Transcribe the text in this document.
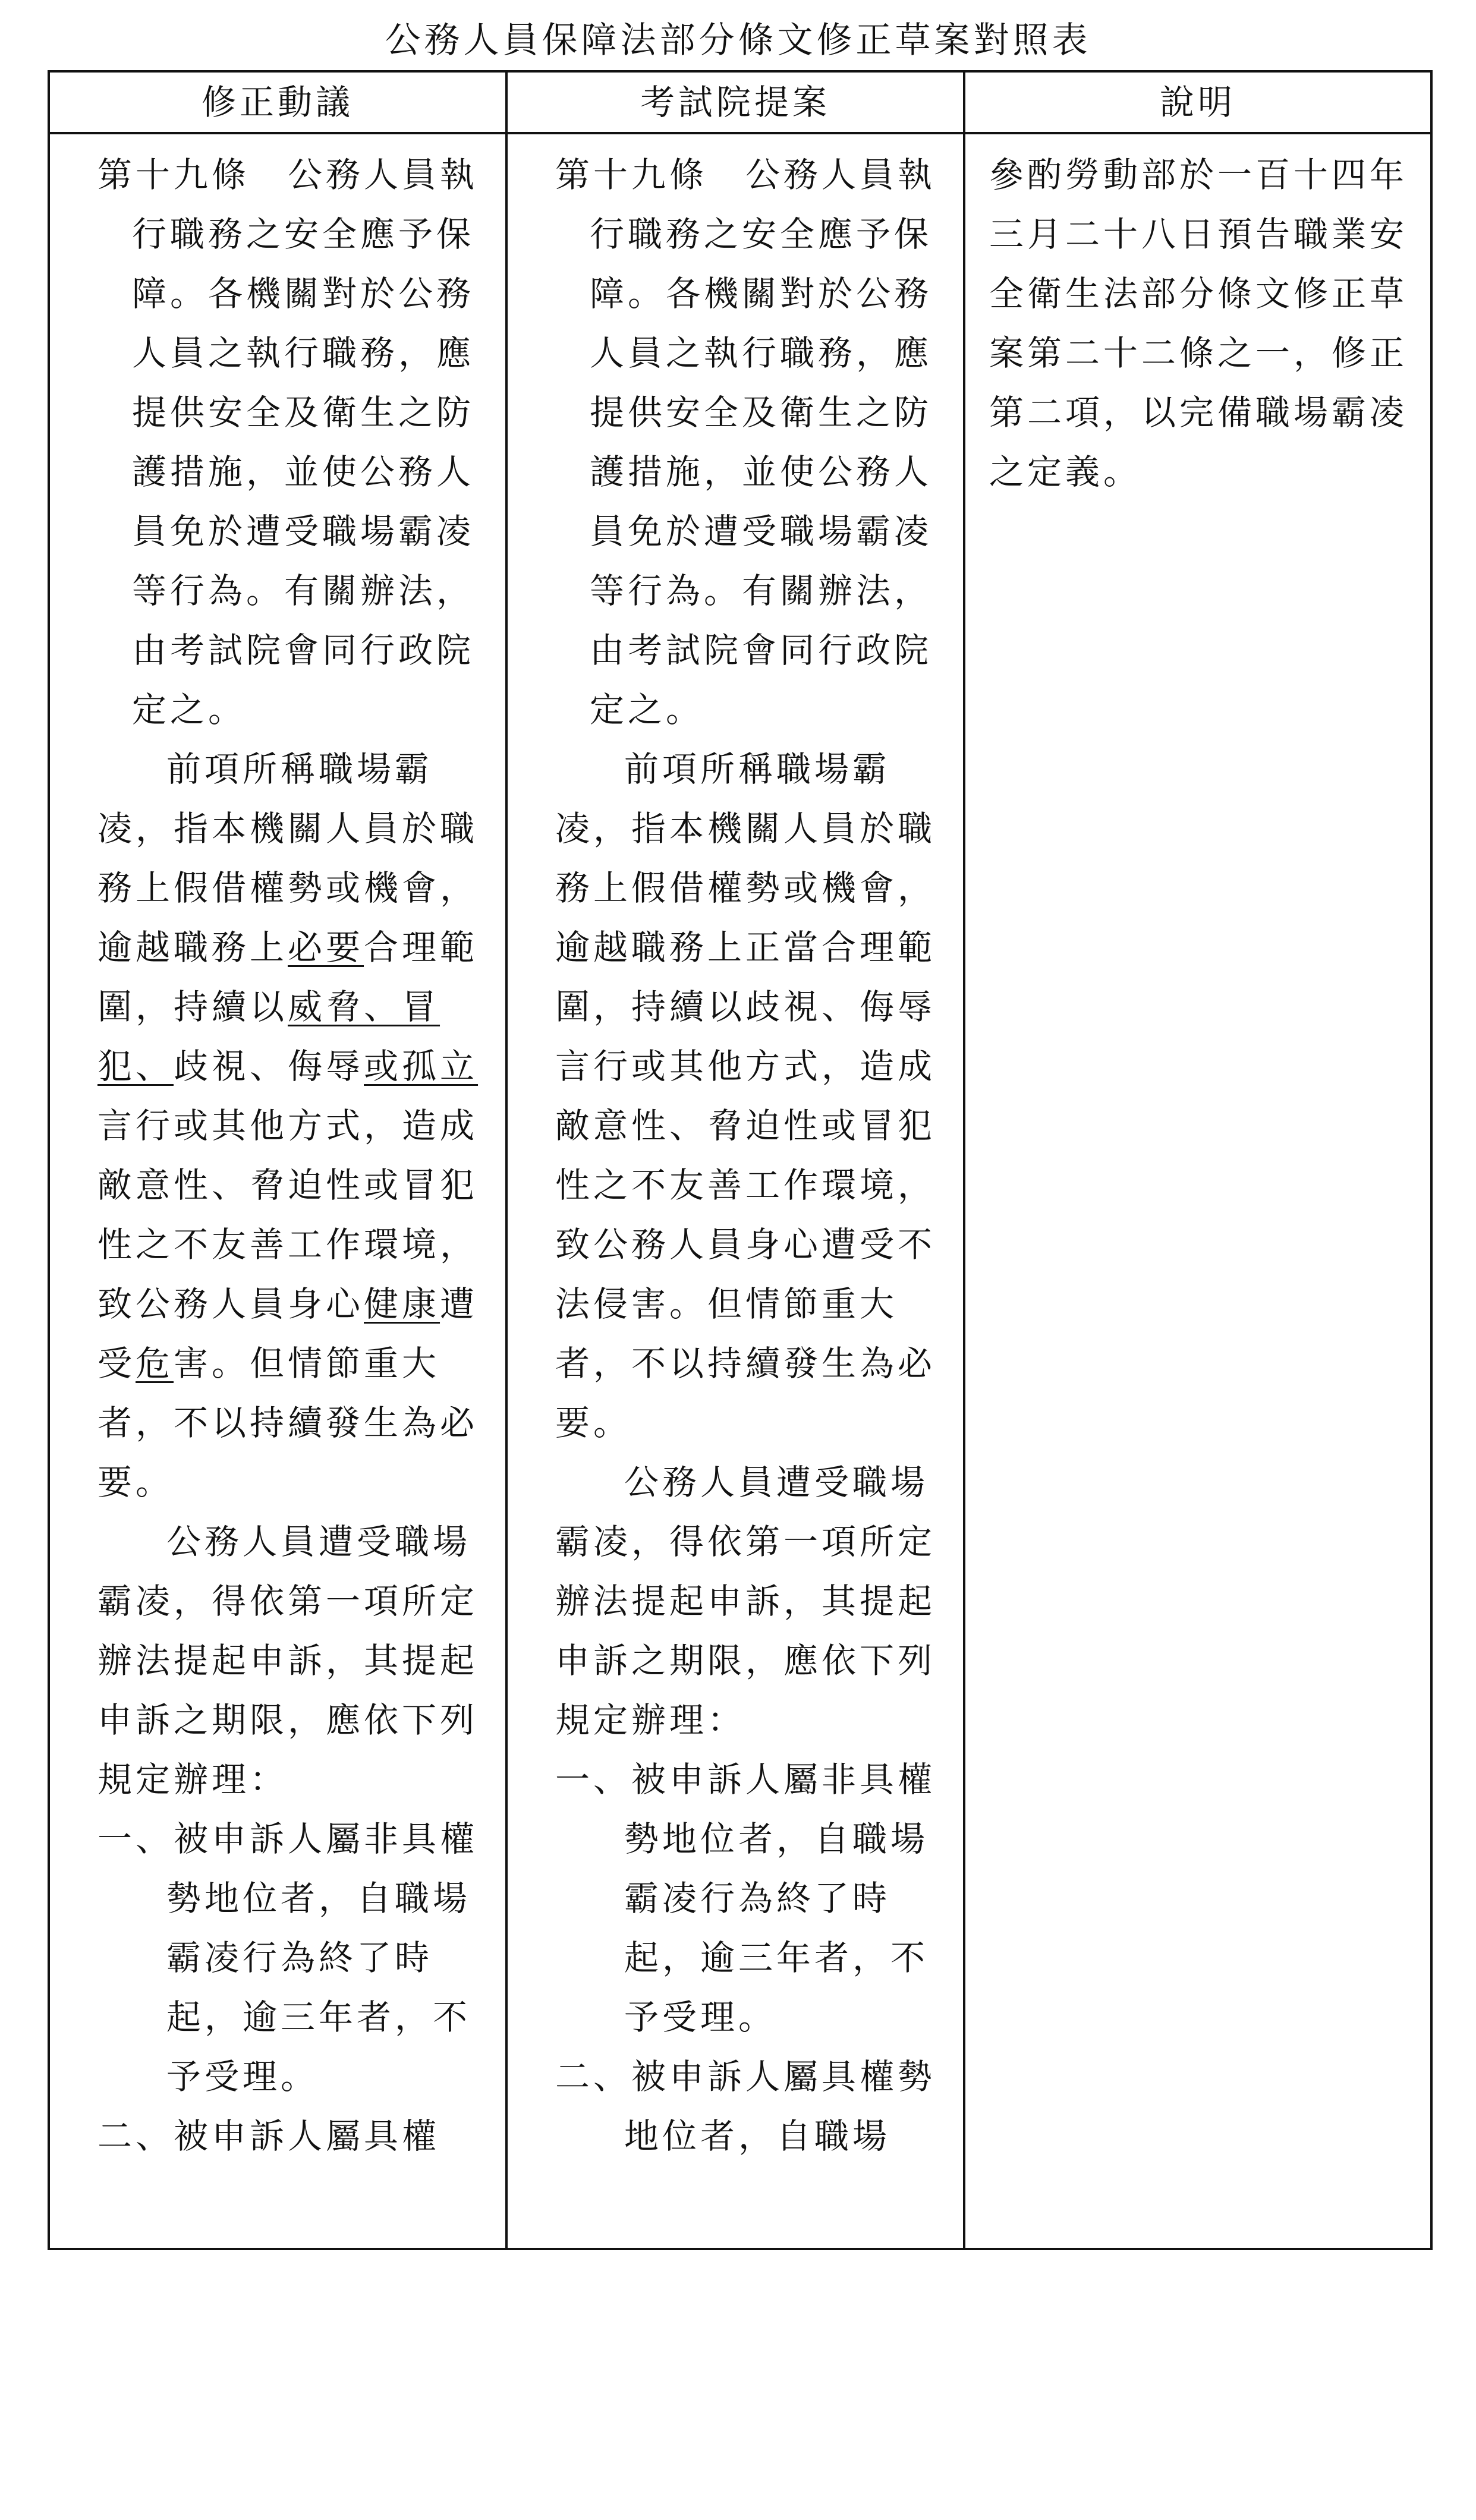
公務人員保障法部分條文修正草案對照表
修正動議

第十九條　公務人員執行職務之安全應予保障。各機關對於公務人員之執行職務，應提供安全及衛生之防護措施，並使公務人員免於遭受職場霸凌等行為。有關辦法，由考試院會同行政院定之。

前項所稱職場霸凌，指本機關人員於職務上假借權勢或機會，逾越職務上必要合理範圍，持續以威脅、冒犯、歧視、侮辱或孤立言行或其他方式，造成敵意性、脅迫性或冒犯性之不友善工作環境，致公務人員身心健康遭受危害。但情節重大者，不以持續發生為必要。

公務人員遭受職場霸凌，得依第一項所定辦法提起申訴，其提起申訴之期限，應依下列規定辦理：

一、被申訴人屬非具權勢地位者，自職場霸凌行為終了時起，逾三年者，不予受理。

二、被申訴人屬具權

考試院提案

第十九條　公務人員執行職務之安全應予保障。各機關對於公務人員之執行職務，應提供安全及衛生之防護措施，並使公務人員免於遭受職場霸凌等行為。有關辦法，由考試院會同行政院定之。

前項所稱職場霸凌，指本機關人員於職務上假借權勢或機會，逾越職務上正當合理範圍，持續以歧視、侮辱言行或其他方式，造成敵意性、脅迫性或冒犯性之不友善工作環境，致公務人員身心遭受不法侵害。但情節重大者，不以持續發生為必要。

公務人員遭受職場霸凌，得依第一項所定辦法提起申訴，其提起申訴之期限，應依下列規定辦理：

一、被申訴人屬非具權勢地位者，自職場霸凌行為終了時起，逾三年者，不予受理。

二、被申訴人屬具權勢地位者，自職場

說明

參酌勞動部於一百十四年三月二十八日預告職業安全衛生法部分條文修正草案第二十二條之一，修正第二項，以完備職場霸凌之定義。
